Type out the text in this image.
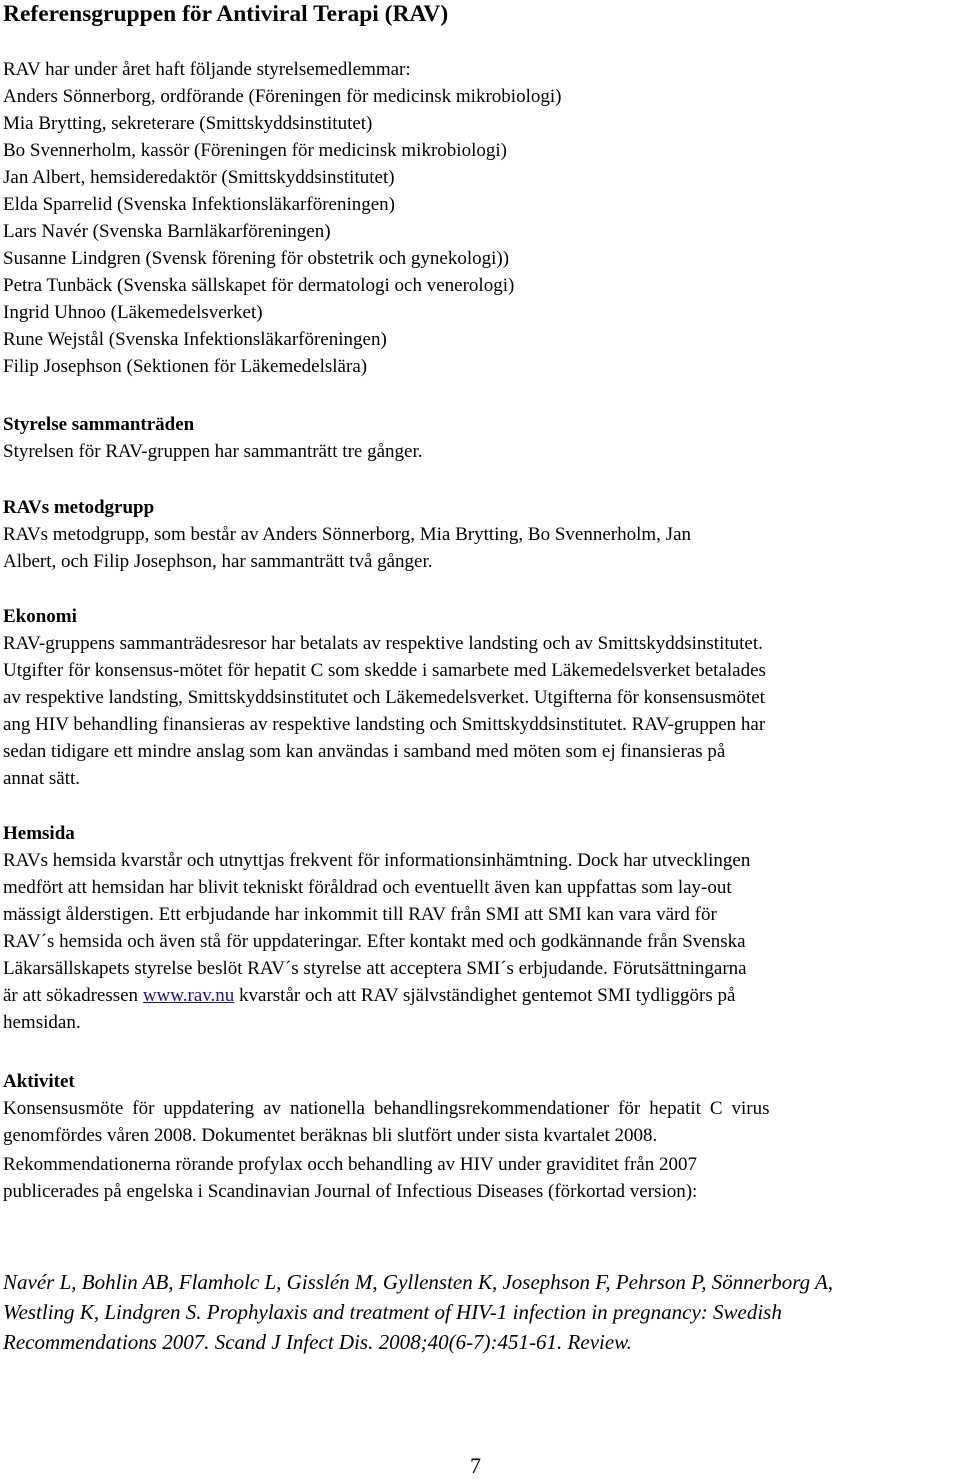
Referensgruppen för Antiviral Terapi (RAV)
RAV har under året haft följande styrelsemedlemmar:
Anders Sönnerborg, ordförande (Föreningen för medicinsk mikrobiologi)
Mia Brytting, sekreterare (Smittskyddsinstitutet)
Bo Svennerholm, kassör (Föreningen för medicinsk mikrobiologi)
Jan Albert, hemsideredaktör (Smittskyddsinstitutet)
Elda Sparrelid (Svenska Infektionsläkarföreningen)
Lars Navér (Svenska Barnläkarföreningen)
Susanne Lindgren (Svensk förening för obstetrik och gynekologi))
Petra Tunbäck (Svenska sällskapet för dermatologi och venerologi)
Ingrid Uhnoo (Läkemedelsverket)
Rune Wejstål (Svenska Infektionsläkarföreningen)
Filip Josephson (Sektionen för Läkemedelslära)
Styrelse sammanträden
Styrelsen för RAV-gruppen har sammanträtt tre gånger.
RAVs metodgrupp
RAVs metodgrupp, som består av Anders Sönnerborg, Mia Brytting, Bo Svennerholm, Jan
Albert, och Filip Josephson, har sammanträtt två gånger.
Ekonomi
RAV-gruppens sammanträdesresor har betalats av respektive landsting och av Smittskyddsinstitutet.
Utgifter för konsensus-mötet för hepatit C som skedde i samarbete med Läkemedelsverket betalades
av respektive landsting, Smittskyddsinstitutet och Läkemedelsverket. Utgifterna för konsensusmötet
ang HIV behandling finansieras av respektive landsting och Smittskyddsinstitutet. RAV-gruppen har
sedan tidigare ett mindre anslag som kan användas i samband med möten som ej finansieras på
annat sätt.
Hemsida
RAVs hemsida kvarstår och utnyttjas frekvent för informationsinhämtning. Dock har utvecklingen
medfört att hemsidan har blivit tekniskt föråldrad och eventuellt även kan uppfattas som lay-out
mässigt ålderstigen. Ett erbjudande har inkommit till RAV från SMI att SMI kan vara värd för
RAV´s hemsida och även stå för uppdateringar. Efter kontakt med och godkännande från Svenska
Läkarsällskapets styrelse beslöt RAV´s styrelse att acceptera SMI´s erbjudande. Förutsättningarna
är att sökadressen www.rav.nu kvarstår och att RAV självständighet gentemot SMI tydliggörs på
hemsidan.
Aktivitet
Konsensusmöte för uppdatering av nationella behandlingsrekommendationer för hepatit C virus
genomfördes våren 2008. Dokumentet beräknas bli slutfört under sista kvartalet 2008.
Rekommendationerna rörande profylax occh behandling av HIV under graviditet från 2007
publicerades på engelska i Scandinavian Journal of Infectious Diseases (förkortad version):
Navér L, Bohlin AB, Flamholc L, Gisslén M, Gyllensten K, Josephson F, Pehrson P, Sönnerborg A,
Westling K, Lindgren S. Prophylaxis and treatment of HIV-1 infection in pregnancy: Swedish
Recommendations 2007. Scand J Infect Dis. 2008;40(6-7):451-61. Review.
7
